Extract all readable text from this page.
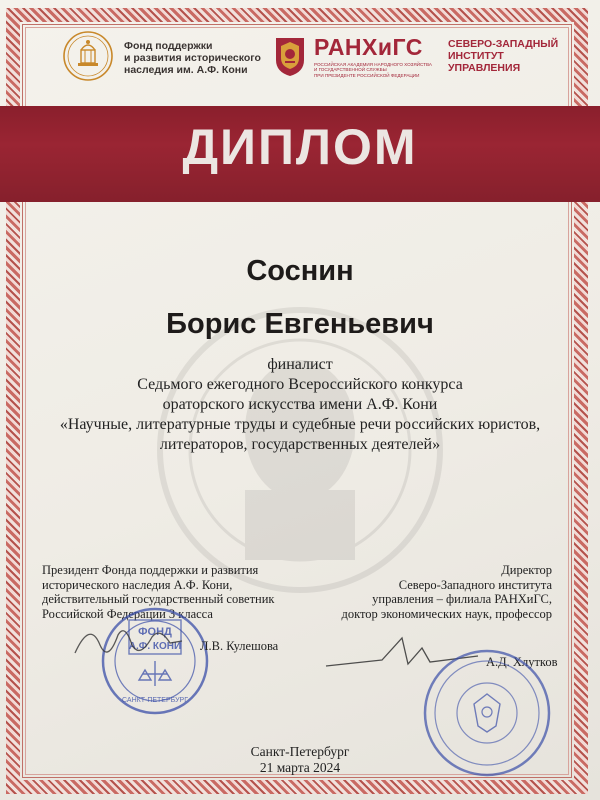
Фонд поддержки
и развития исторического
наследия им. А.Ф. Кони
РАНХиГС
РОССИЙСКАЯ АКАДЕМИЯ НАРОДНОГО ХОЗЯЙСТВА
И ГОСУДАРСТВЕННОЙ СЛУЖБЫ
ПРИ ПРЕЗИДЕНТЕ РОССИЙСКОЙ ФЕДЕРАЦИИ
СЕВЕРО-ЗАПАДНЫЙ
ИНСТИТУТ
УПРАВЛЕНИЯ
ДИПЛОМ
Соснин
Борис Евгеньевич
финалист
Седьмого ежегодного Всероссийского конкурса
ораторского искусства имени А.Ф. Кони
«Научные, литературные труды и судебные речи российских юристов,
литераторов, государственных деятелей»
Президент Фонда поддержки и развития
исторического наследия А.Ф. Кони,
действительный государственный советник
Российской Федерации 3 класса
ФОНД
А.Ф. КОНИ
САНКТ-ПЕТЕРБУРГ
Л.В. Кулешова
Директор
Северо-Западного института
управления – филиала РАНХиГС,
доктор экономических наук, профессор
А.Д. Хлутков
Санкт-Петербург
21 марта 2024
